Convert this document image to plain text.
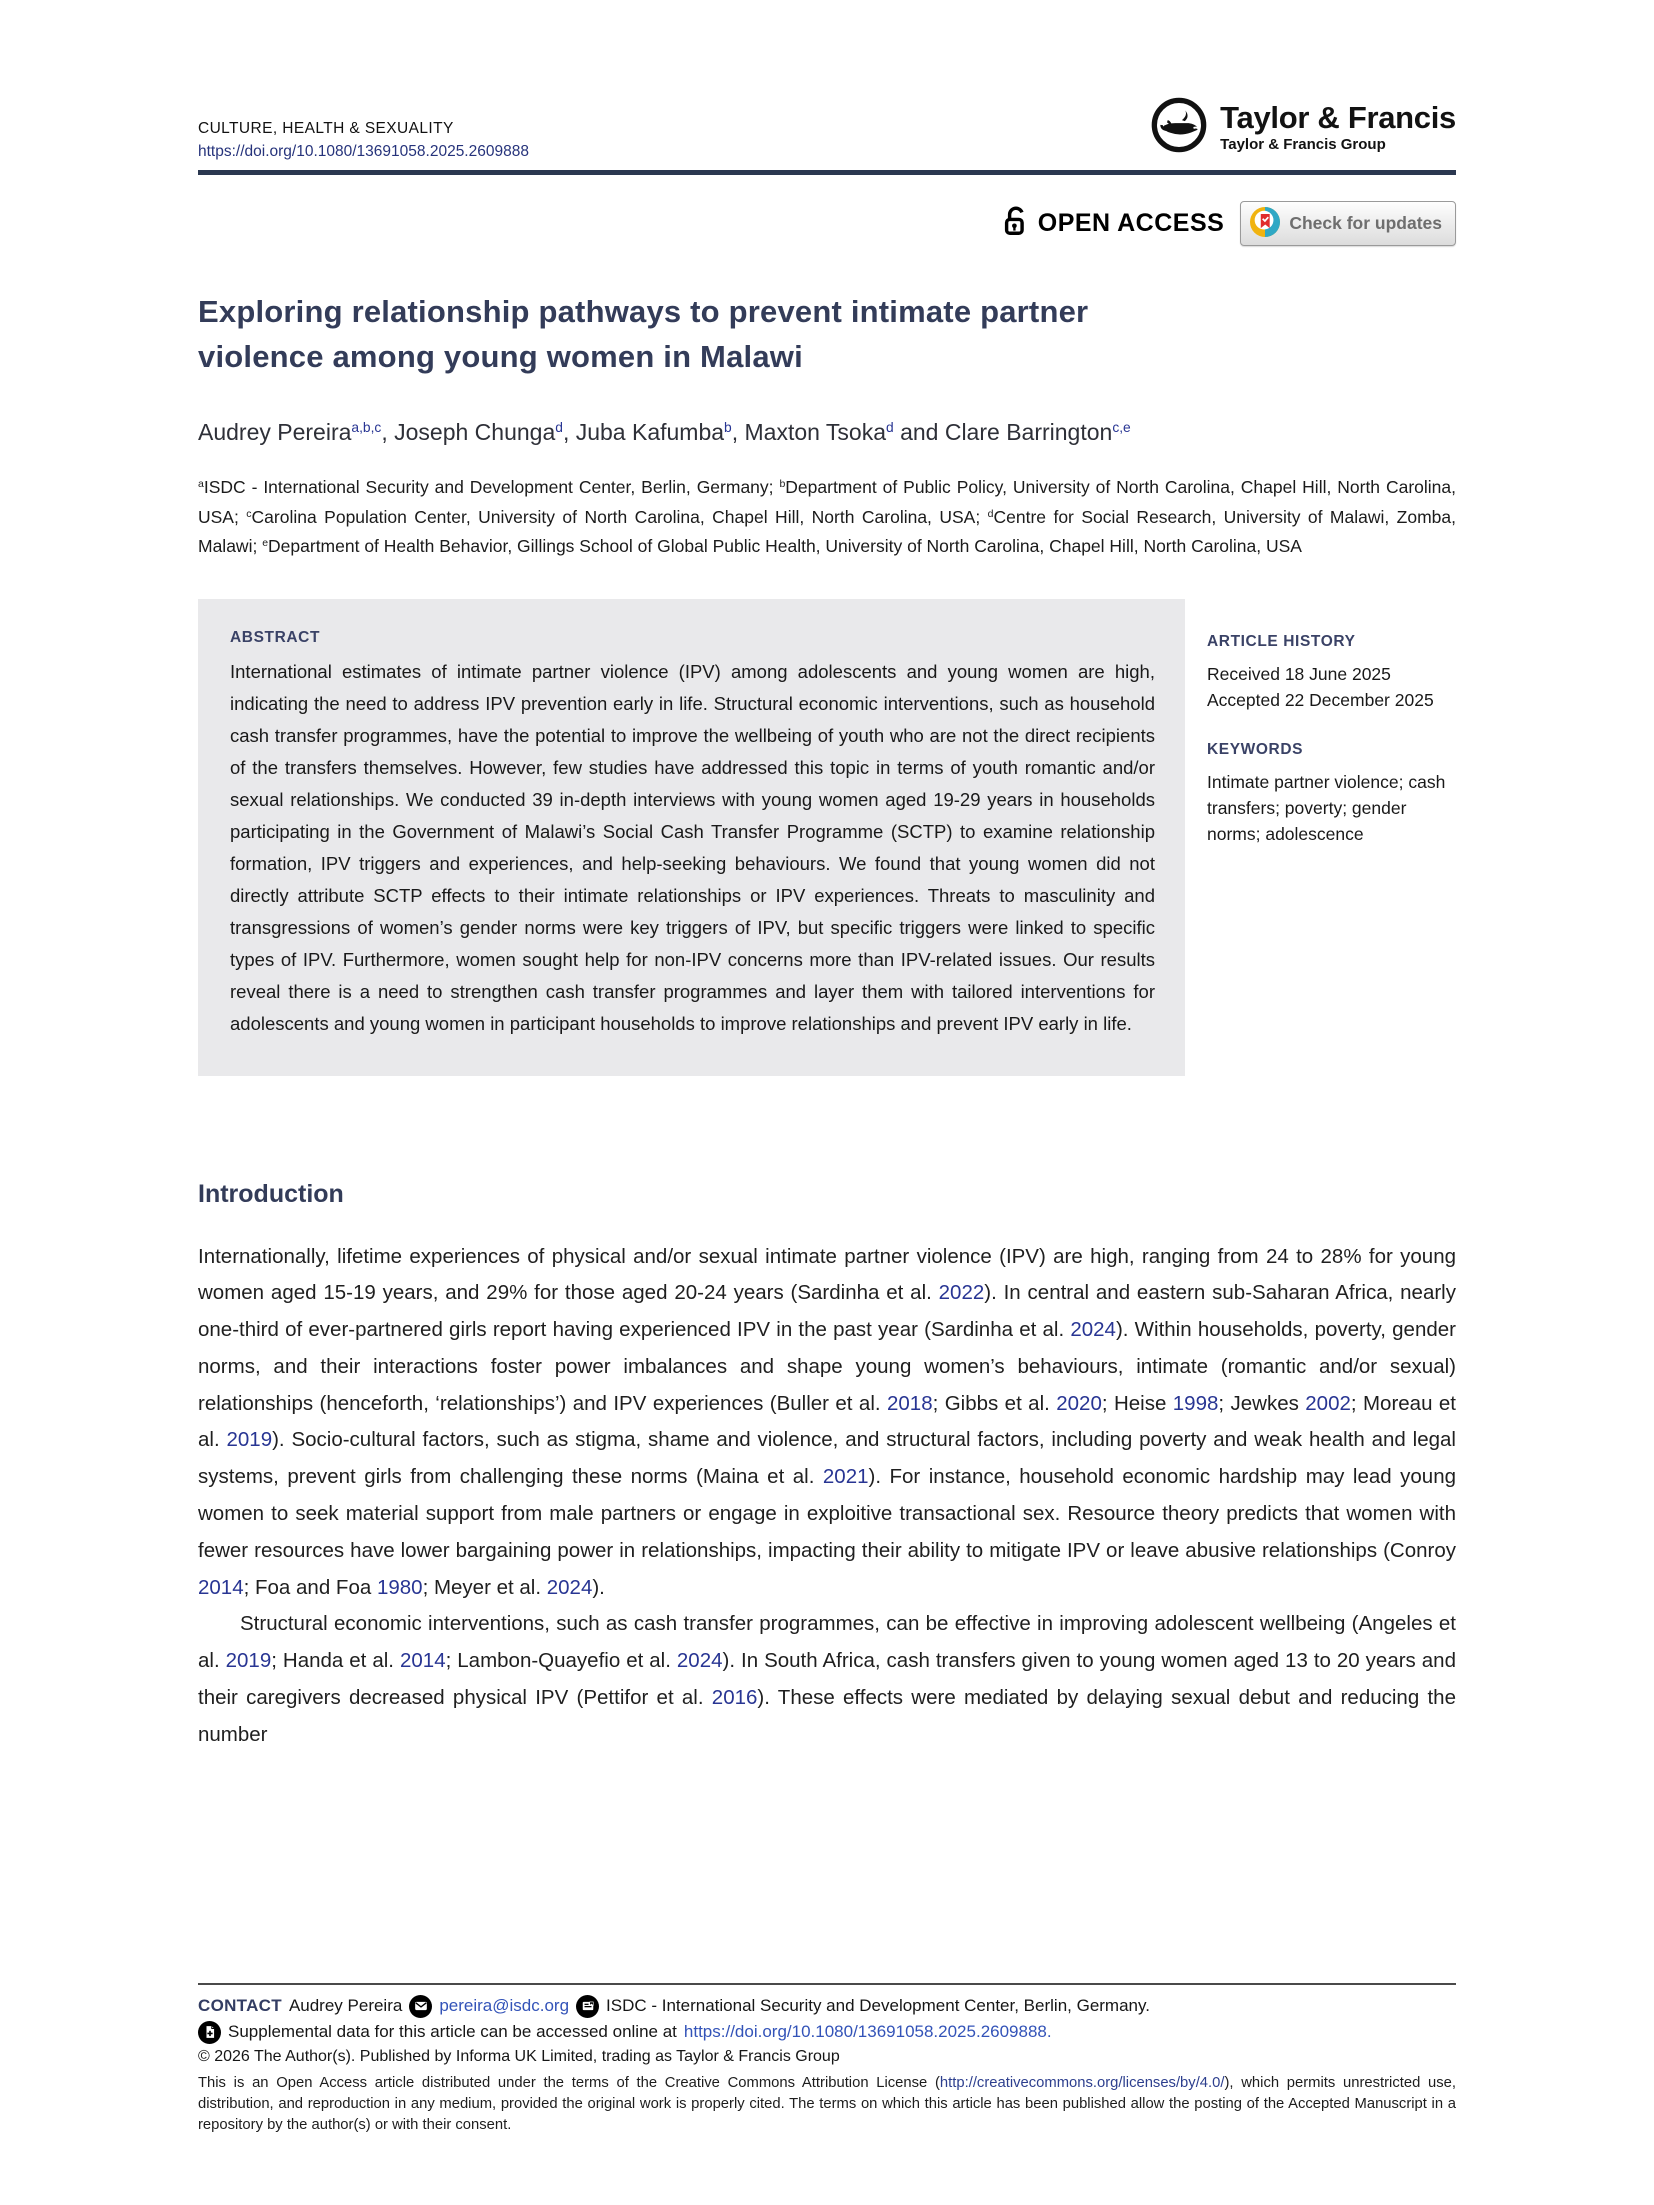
CULTURE, HEALTH & SEXUALITY
https://doi.org/10.1080/13691058.2025.2609888
Taylor & Francis
Taylor & Francis Group
OPEN ACCESS	Check for updates
Exploring relationship pathways to prevent intimate partner violence among young women in Malawi
Audrey Pereira$^{a,b,c}$, Joseph Chunga$^d$, Juba Kafumba$^b$, Maxton Tsoka$^d$ and Clare Barrington$^{c,e}$
$^a$ISDC - International Security and Development Center, Berlin, Germany; $^b$Department of Public Policy, University of North Carolina, Chapel Hill, North Carolina, USA; $^c$Carolina Population Center, University of North Carolina, Chapel Hill, North Carolina, USA; $^d$Centre for Social Research, University of Malawi, Zomba, Malawi; $^e$Department of Health Behavior, Gillings School of Global Public Health, University of North Carolina, Chapel Hill, North Carolina, USA
ABSTRACT

International estimates of intimate partner violence (IPV) among adolescents and young women are high, indicating the need to address IPV prevention early in life. Structural economic interventions, such as household cash transfer programmes, have the potential to improve the wellbeing of youth who are not the direct recipients of the transfers themselves. However, few studies have addressed this topic in terms of youth romantic and/or sexual relationships. We conducted 39 in-depth interviews with young women aged 19-29 years in households participating in the Government of Malawi’s Social Cash Transfer Programme (SCTP) to examine relationship formation, IPV triggers and experiences, and help-seeking behaviours. We found that young women did not directly attribute SCTP effects to their intimate relationships or IPV experiences. Threats to masculinity and transgressions of women’s gender norms were key triggers of IPV, but specific triggers were linked to specific types of IPV. Furthermore, women sought help for non-IPV concerns more than IPV-related issues. Our results reveal there is a need to strengthen cash transfer programmes and layer them with tailored interventions for adolescents and young women in participant households to improve relationships and prevent IPV early in life.

ARTICLE HISTORY
Received 18 June 2025
Accepted 22 December 2025
KEYWORDS
Intimate partner violence; cash transfers; poverty; gender norms; adolescence
Introduction

Internationally, lifetime experiences of physical and/or sexual intimate partner violence (IPV) are high, ranging from 24 to 28% for young women aged 15-19 years, and 29% for those aged 20-24 years (Sardinha et al. 2022). In central and eastern sub-Saharan Africa, nearly one-third of ever-partnered girls report having experienced IPV in the past year (Sardinha et al. 2024). Within households, poverty, gender norms, and their interactions foster power imbalances and shape young women’s behaviours, intimate (romantic and/or sexual) relationships (henceforth, ‘relationships’) and IPV experiences (Buller et al. 2018; Gibbs et al. 2020; Heise 1998; Jewkes 2002; Moreau et al. 2019). Socio-cultural factors, such as stigma, shame and violence, and structural factors, including poverty and weak health and legal systems, prevent girls from challenging these norms (Maina et al. 2021). For instance, household economic hardship may lead young women to seek material support from male partners or engage in exploitive transactional sex. Resource theory predicts that women with fewer resources have lower bargaining power in relationships, impacting their ability to mitigate IPV or leave abusive relationships (Conroy 2014; Foa and Foa 1980; Meyer et al. 2024).

Structural economic interventions, such as cash transfer programmes, can be effective in improving adolescent wellbeing (Angeles et al. 2019; Handa et al. 2014; Lambon-Quayefio et al. 2024). In South Africa, cash transfers given to young women aged 13 to 20 years and their caregivers decreased physical IPV (Pettifor et al. 2016). These effects were mediated by delaying sexual debut and reducing the number

CONTACT Audrey Pereira pereira@isdc.org ISDC - International Security and Development Center, Berlin, Germany.
Supplemental data for this article can be accessed online at https://doi.org/10.1080/13691058.2025.2609888.
© 2026 The Author(s). Published by Informa UK Limited, trading as Taylor & Francis Group

This is an Open Access article distributed under the terms of the Creative Commons Attribution License (http://creativecommons.org/licenses/by/4.0/), which permits unrestricted use, distribution, and reproduction in any medium, provided the original work is properly cited. The terms on which this article has been published allow the posting of the Accepted Manuscript in a repository by the author(s) or with their consent.
